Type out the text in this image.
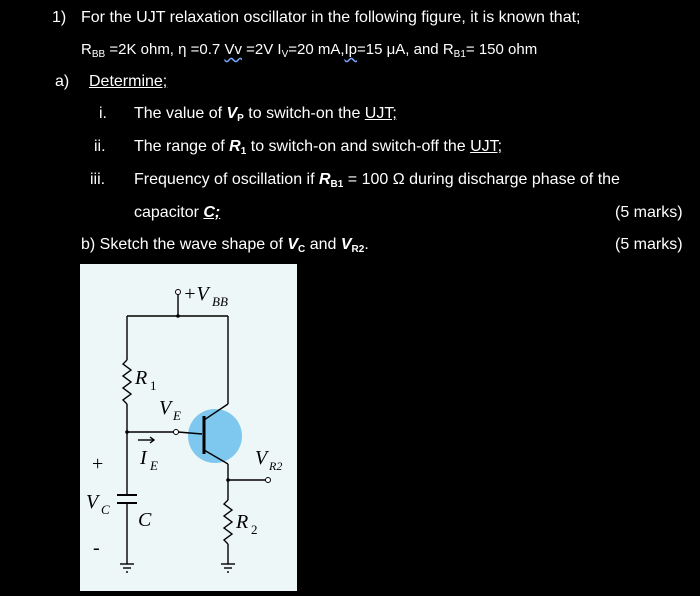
1) For the UJT relaxation oscillator in the following figure, it is known that;
$R_{BB} =2K$ ohm, η =0.7 Vv =2V $I_V=20$ mA,Ip=15 μA, and $R_{B1}= 150$ ohm
a) Determine;
i. The value of $V_P$ to switch-on the UJT;
ii. The range of $R_1$ to switch-on and switch-off the UJT;
iii. Frequency of oscillation if $R_{B1} = 100$ Ω during discharge phase of the
capacitor C;	(5 marks)
b) Sketch the wave shape of $V_C$ and $V_{R2}$.	(5 marks)
+V BB
R 1
V E
I E	V R2
R 2
+
V C C
-
